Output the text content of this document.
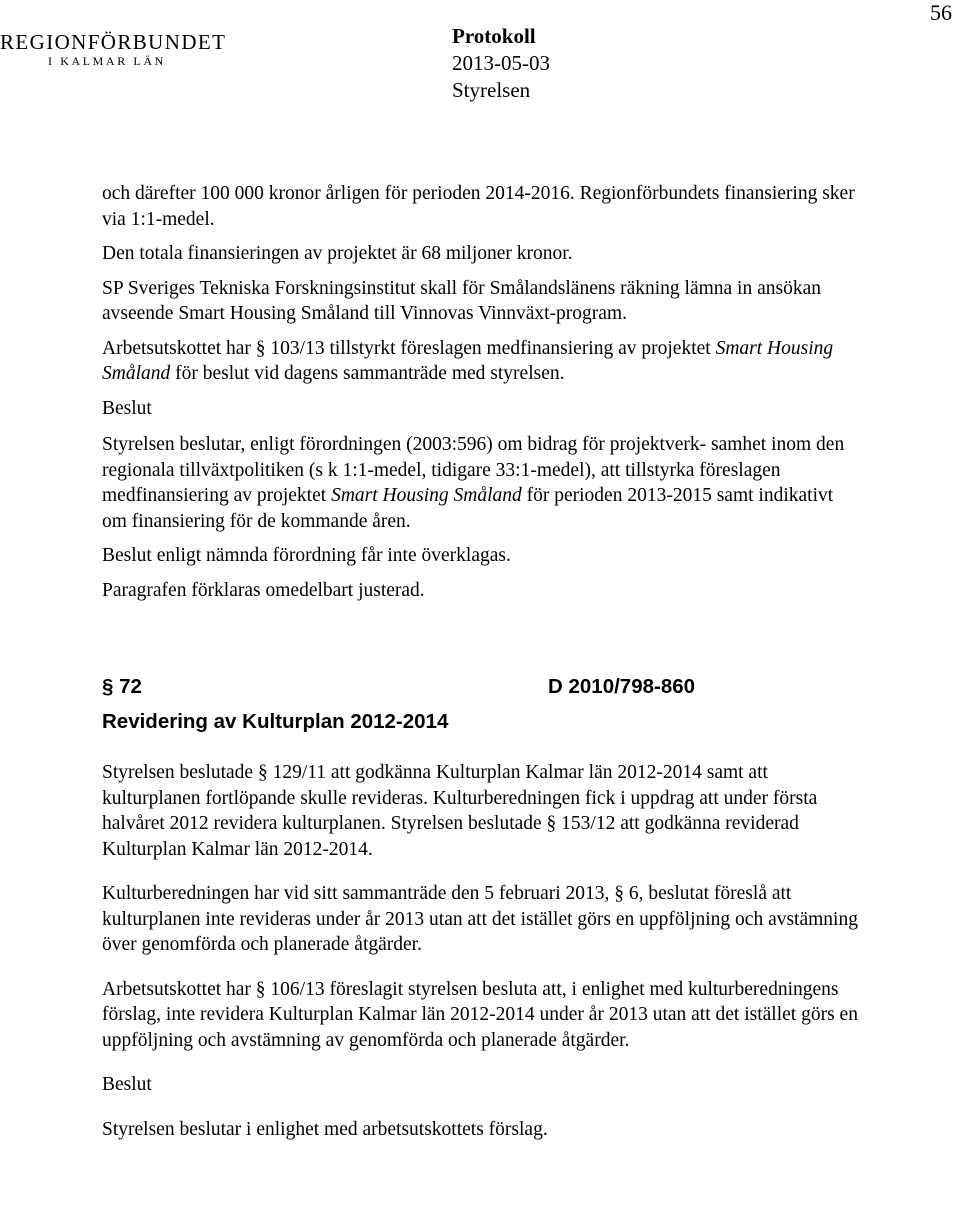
56
REGIONFÖRBUNDET
I KALMAR LÄN
Protokoll
2013-05-03
Styrelsen

och därefter 100 000 kronor årligen för perioden 2014-2016. Regionförbundets finansiering sker via 1:1-medel.

Den totala finansieringen av projektet är 68 miljoner kronor.

SP Sveriges Tekniska Forskningsinstitut skall för Smålandslänens räkning lämna in ansökan avseende Smart Housing Småland till Vinnovas Vinnväxt-program.

Arbetsutskottet har § 103/13 tillstyrkt föreslagen medfinansiering av projektet Smart Housing Småland för beslut vid dagens sammanträde med styrelsen.

Beslut

Styrelsen beslutar, enligt förordningen (2003:596) om bidrag för projektverk- samhet inom den regionala tillväxtpolitiken (s k 1:1-medel, tidigare 33:1-medel), att tillstyrka föreslagen medfinansiering av projektet Smart Housing Småland för perioden 2013-2015 samt indikativt om finansiering för de kommande åren.

Beslut enligt nämnda förordning får inte överklagas.

Paragrafen förklaras omedelbart justerad.

§ 72	D 2010/798-860

Revidering av Kulturplan 2012-2014

Styrelsen beslutade § 129/11 att godkänna Kulturplan Kalmar län 2012-2014 samt att kulturplanen fortlöpande skulle revideras. Kulturberedningen fick i uppdrag att under första halvåret 2012 revidera kulturplanen. Styrelsen beslutade § 153/12 att godkänna reviderad Kulturplan Kalmar län 2012-2014.

Kulturberedningen har vid sitt sammanträde den 5 februari 2013, § 6, beslutat föreslå att kulturplanen inte revideras under år 2013 utan att det istället görs en uppföljning och avstämning över genomförda och planerade åtgärder.

Arbetsutskottet har § 106/13 föreslagit styrelsen besluta att, i enlighet med kulturberedningens förslag, inte revidera Kulturplan Kalmar län 2012-2014 under år 2013 utan att det istället görs en uppföljning och avstämning av genomförda och planerade åtgärder.

Beslut

Styrelsen beslutar i enlighet med arbetsutskottets förslag.
